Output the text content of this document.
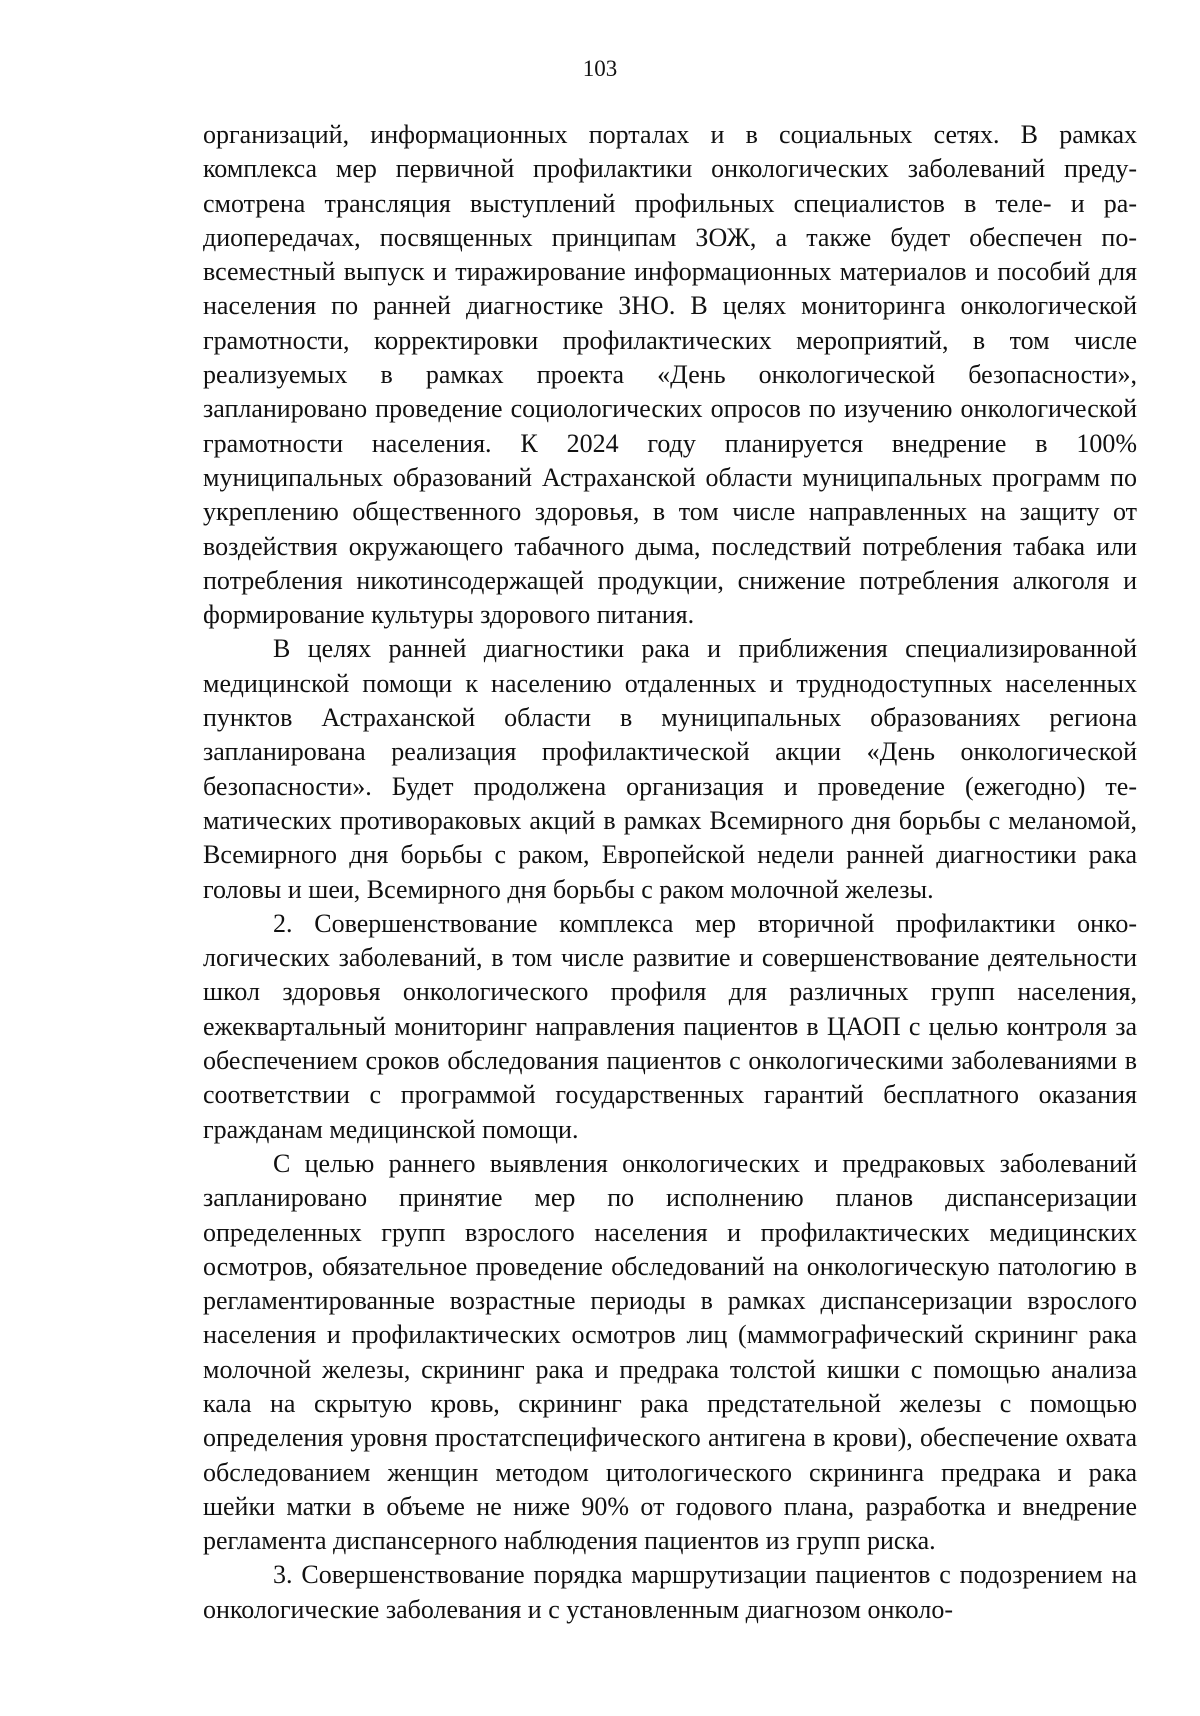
103

организаций, информационных порталах и в социальных сетях. В рамках комплекса мер первичной профилактики онкологических заболеваний предусмотрена трансляция выступлений профильных специалистов в теле- и радиопередачах, посвященных принципам ЗОЖ, а также будет обеспечен повсеместный выпуск и тиражирование информационных материалов и пособий для населения по ранней диагностике ЗНО. В целях мониторинга онкологической грамотности, корректировки профилактических мероприятий, в том числе реализуемых в рамках проекта «День онкологической безопасности», запланировано проведение социологических опросов по изучению онкологической грамотности населения. К 2024 году планируется внедрение в 100% муниципальных образований Астраханской области муниципальных программ по укреплению общественного здоровья, в том числе направленных на защиту от воздействия окружающего табачного дыма, последствий потребления табака или потребления никотинсодержащей продукции, снижение потребления алкоголя и формирование культуры здорового питания.

В целях ранней диагностики рака и приближения специализированной медицинской помощи к населению отдаленных и труднодоступных населенных пунктов Астраханской области в муниципальных образованиях региона запланирована реализация профилактической акции «День онкологической безопасности». Будет продолжена организация и проведение (ежегодно) тематических противораковых акций в рамках Всемирного дня борьбы с меланомой, Всемирного дня борьбы с раком, Европейской недели ранней диагностики рака головы и шеи, Всемирного дня борьбы с раком молочной железы.

2. Совершенствование комплекса мер вторичной профилактики онкологических заболеваний, в том числе развитие и совершенствование деятельности школ здоровья онкологического профиля для различных групп населения, ежеквартальный мониторинг направления пациентов в ЦАОП с целью контроля за обеспечением сроков обследования пациентов с онкологическими заболеваниями в соответствии с программой государственных гарантий бесплатного оказания гражданам медицинской помощи.

С целью раннего выявления онкологических и предраковых заболеваний запланировано принятие мер по исполнению планов диспансеризации определенных групп взрослого населения и профилактических медицинских осмотров, обязательное проведение обследований на онкологическую патологию в регламентированные возрастные периоды в рамках диспансеризации взрослого населения и профилактических осмотров лиц (маммографический скрининг рака молочной железы, скрининг рака и предрака толстой кишки с помощью анализа кала на скрытую кровь, скрининг рака предстательной железы с помощью определения уровня простатспецифического антигена в крови), обеспечение охвата обследованием женщин методом цитологического скрининга предрака и рака шейки матки в объеме не ниже 90% от годового плана, разработка и внедрение регламента диспансерного наблюдения пациентов из групп риска.

3. Совершенствование порядка маршрутизации пациентов с подозрением на онкологические заболевания и с установленным диагнозом онколо-
